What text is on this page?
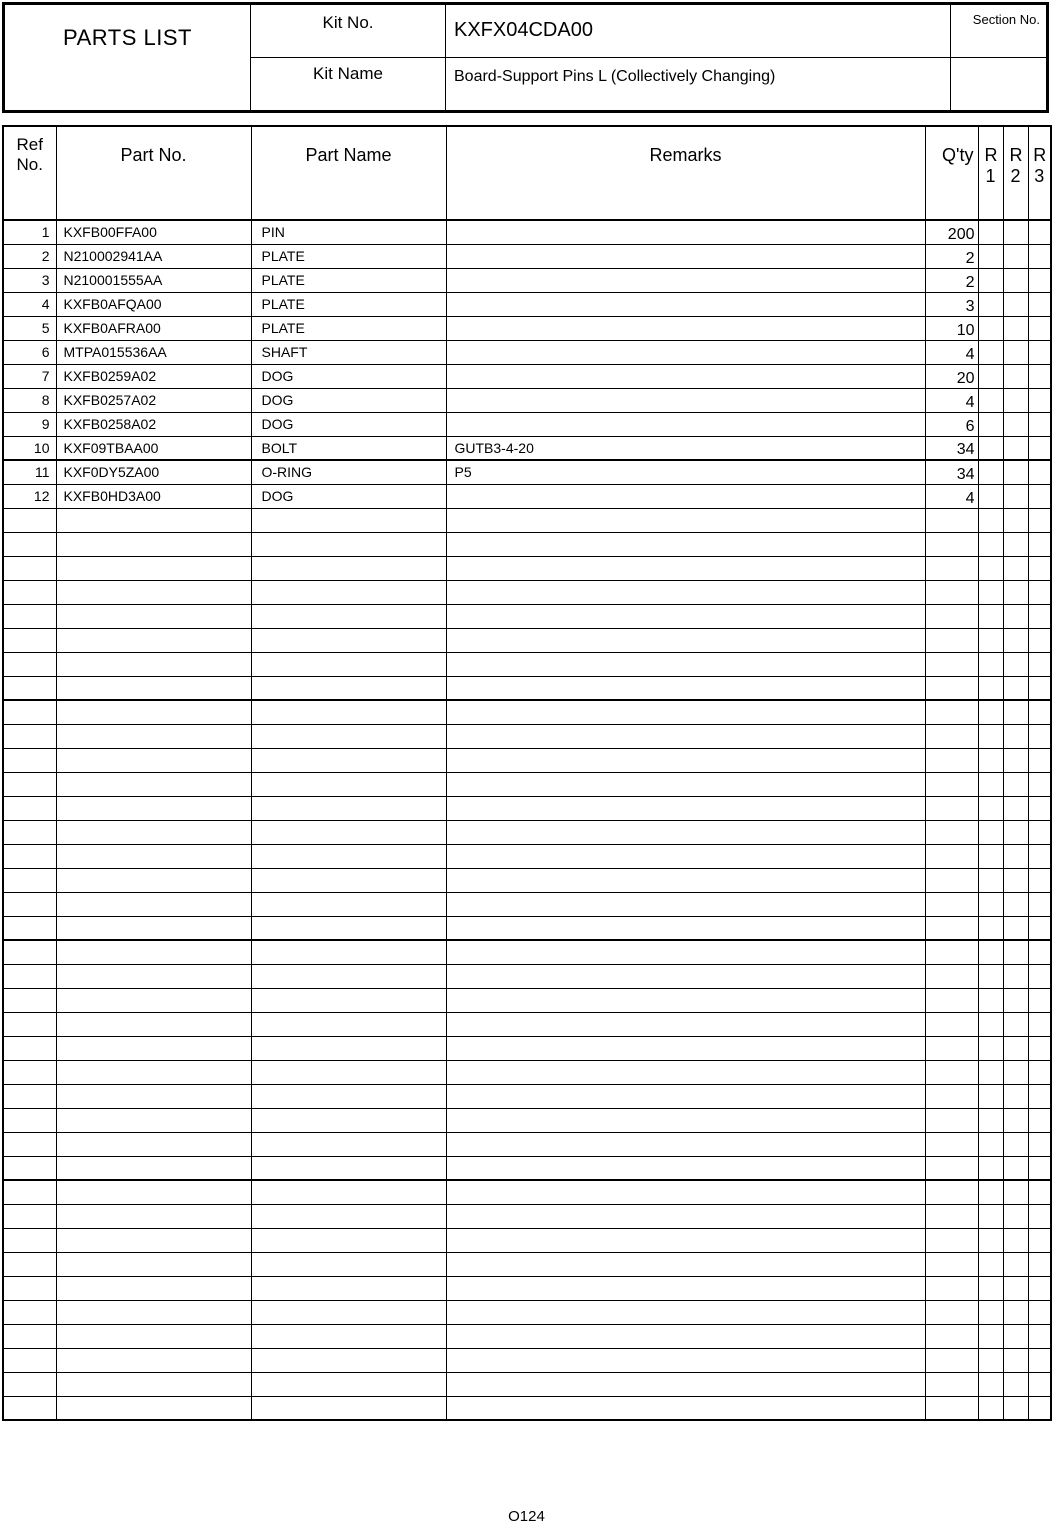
PARTS LIST
Kit No.	KXFX04CDA00	Section No.
Kit Name	Board-Support Pins L (Collectively Changing)
Ref No.	Part No.	Part Name	Remarks	Q'ty	R 1	R 2	R 3
1	KXFB00FFA00	PIN		200			
2	N210002941AA	PLATE		2			
3	N210001555AA	PLATE		2			
4	KXFB0AFQA00	PLATE		3			
5	KXFB0AFRA00	PLATE		10			
6	MTPA015536AA	SHAFT		4			
7	KXFB0259A02	DOG		20			
8	KXFB0257A02	DOG		4			
9	KXFB0258A02	DOG		6			
10	KXF09TBAA00	BOLT	GUTB3-4-20	34			
11	KXF0DY5ZA00	O-RING	P5	34			
12	KXFB0HD3A00	DOG		4			

O124
